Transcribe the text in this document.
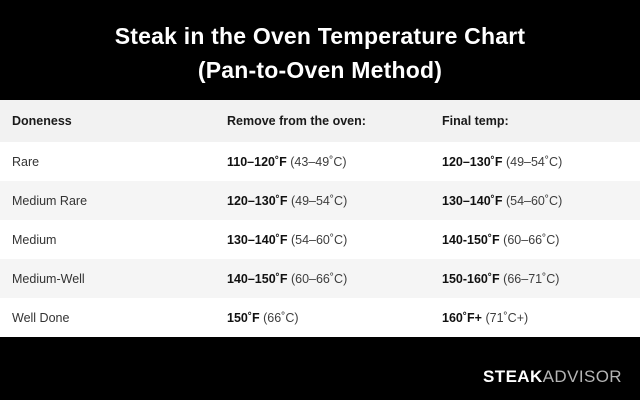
Steak in the Oven Temperature Chart
(Pan-to-Oven Method)
Doneness	Remove from the oven:	Final temp:
Rare	110–120˚F (43–49˚C)	120–130˚F (49–54˚C)
Medium Rare	120–130˚F (49–54˚C)	130–140˚F (54–60˚C)
Medium	130–140˚F (54–60˚C)	140-150˚F (60–66˚C)
Medium-Well	140–150˚F (60–66˚C)	150-160˚F (66–71˚C)
Well Done	150˚F (66˚C)	160˚F+ (71˚C+)
STEAKADVISOR
